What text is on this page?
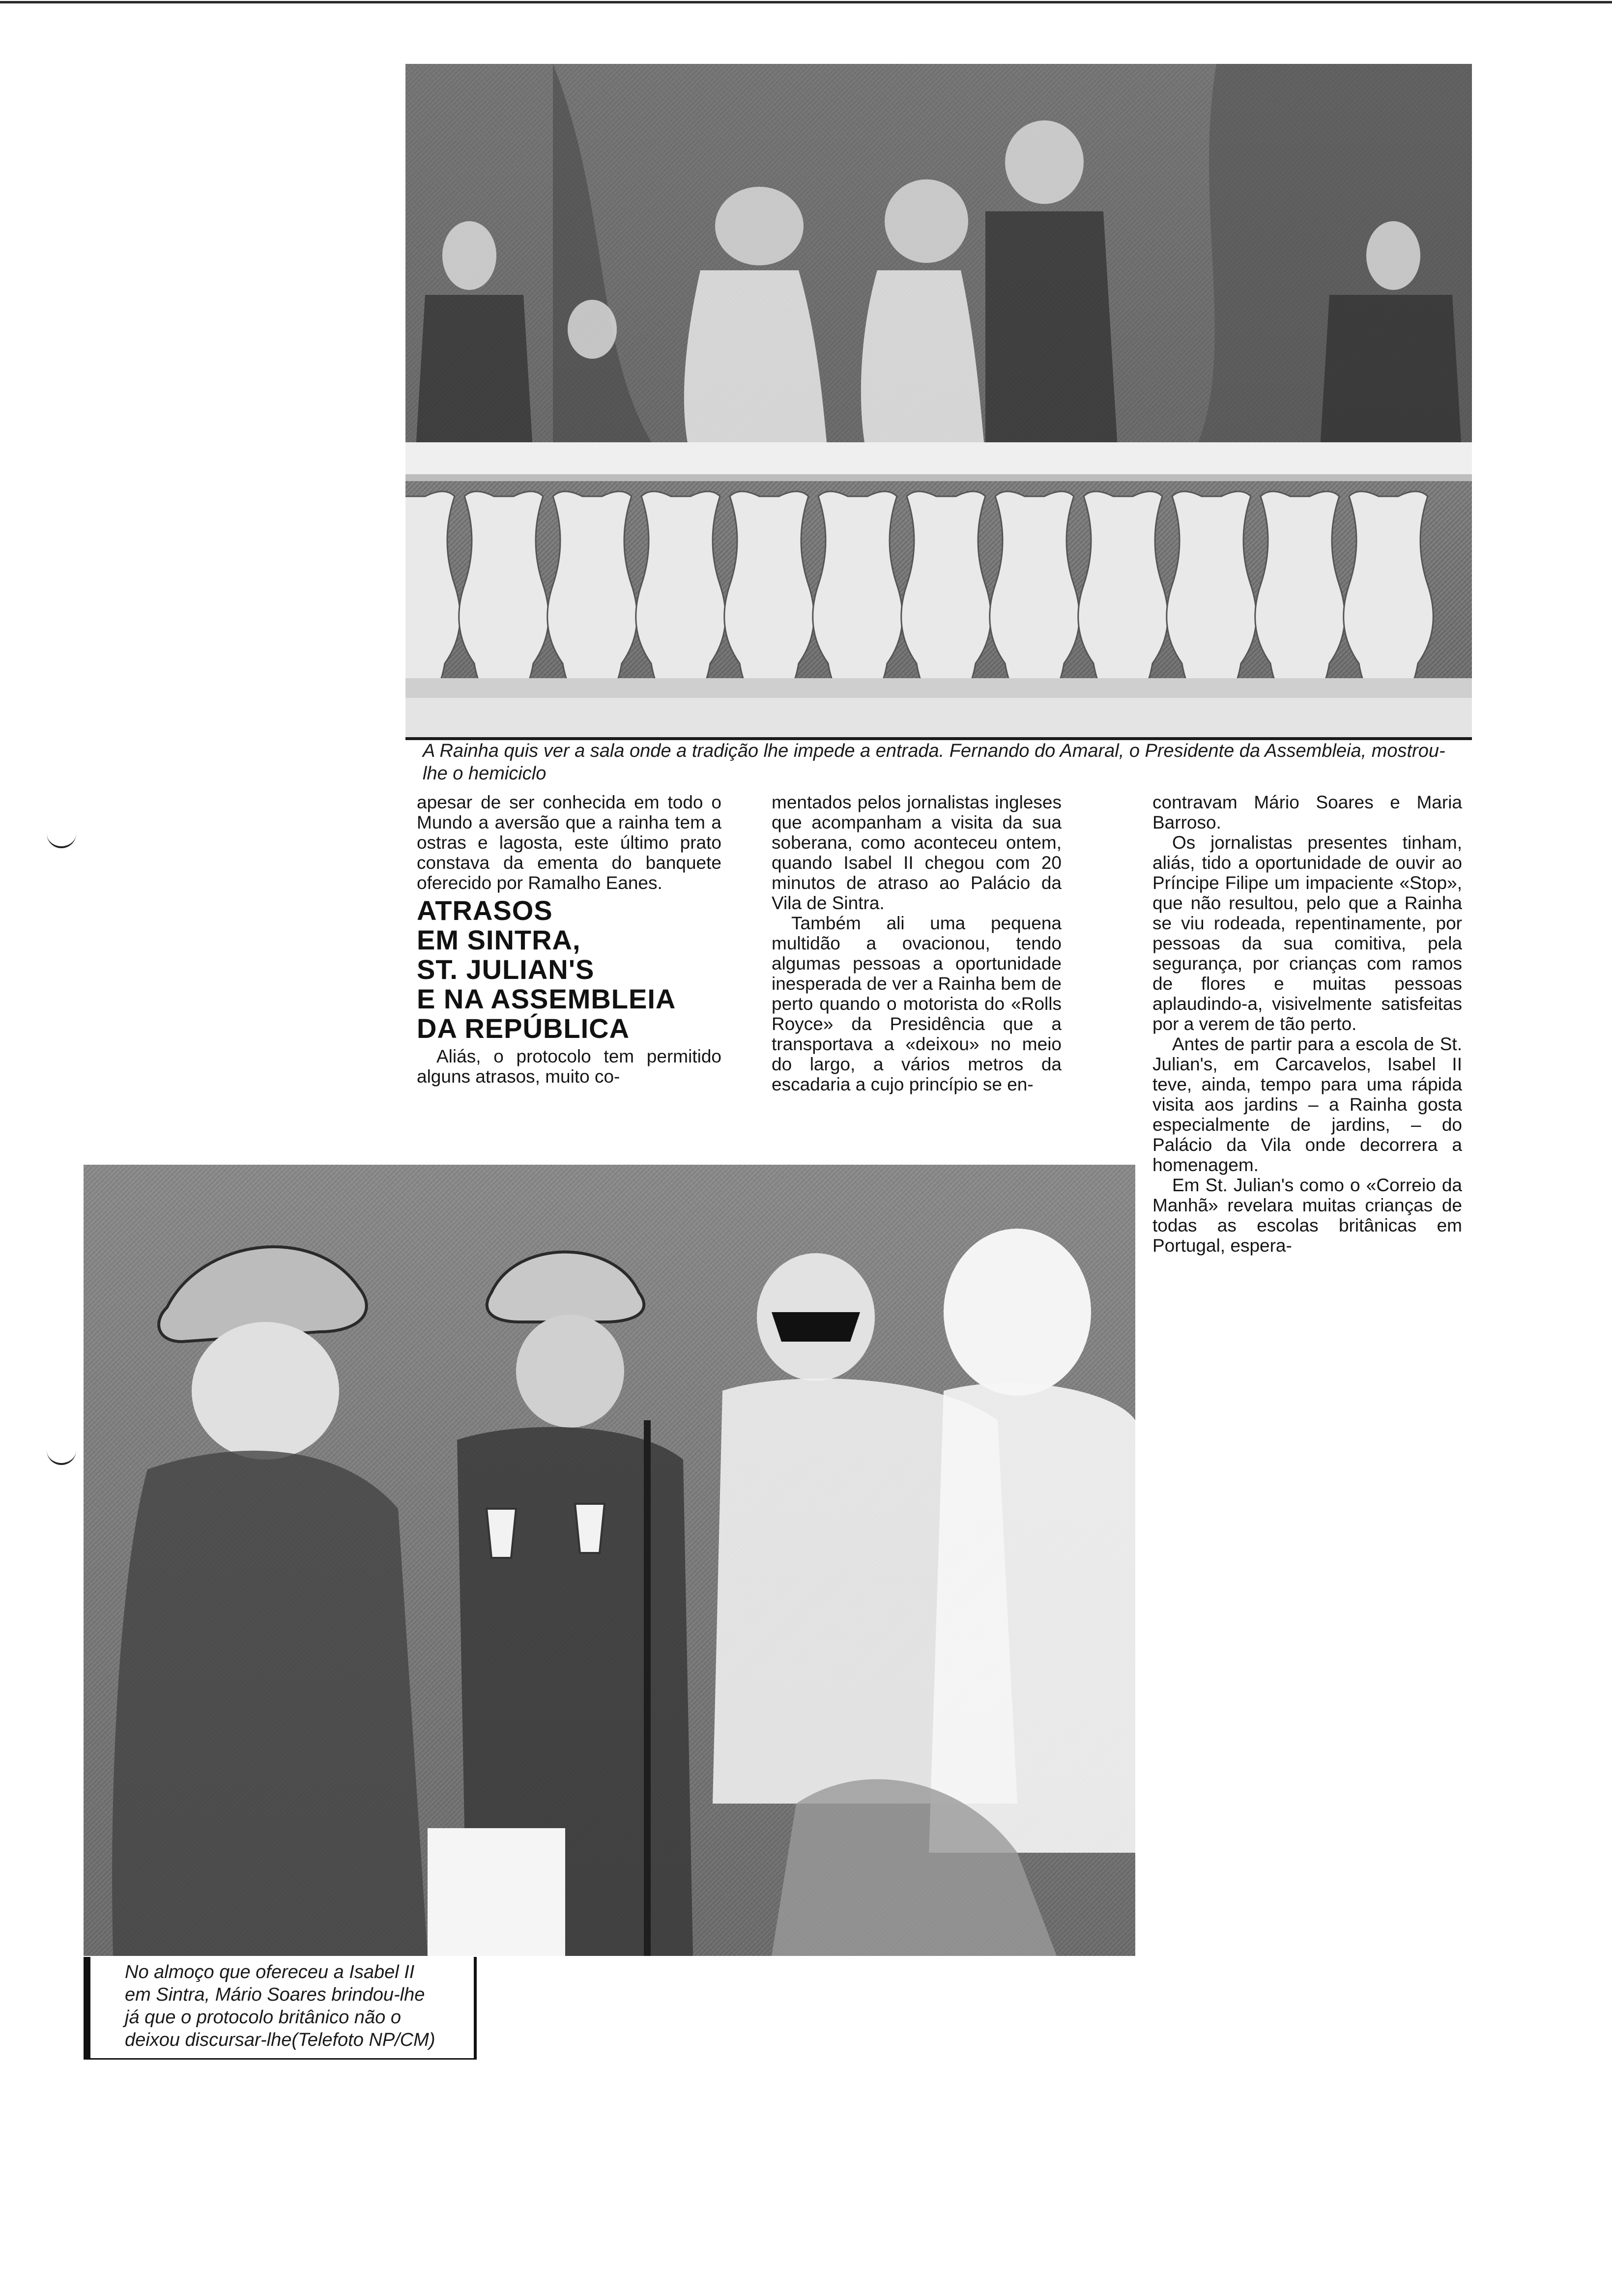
A Rainha quis ver a sala onde a tradição lhe impede a entrada. Fernando do Amaral, o Presidente da Assembleia, mostrou-lhe o hemiciclo

apesar de ser conhecida em todo o Mundo a aversão que a rainha tem a ostras e lagosta, este último prato constava da ementa do banquete oferecido por Ramalho Eanes.

ATRASOS
EM SINTRA,
ST. JULIAN'S
E NA ASSEMBLEIA
DA REPÚBLICA

Aliás, o protocolo tem permitido alguns atrasos, muito co-

mentados pelos jornalistas ingleses que acompanham a visita da sua soberana, como aconteceu ontem, quando Isabel II chegou com 20 minutos de atraso ao Palácio da Vila de Sintra.

Também ali uma pequena multidão a ovacionou, tendo algumas pessoas a oportunidade inesperada de ver a Rainha bem de perto quando o motorista do «Rolls Royce» da Presidência que a transportava a «deixou» no meio do largo, a vários metros da escadaria a cujo princípio se en-

contravam Mário Soares e Maria Barroso.

Os jornalistas presentes tinham, aliás, tido a oportunidade de ouvir ao Príncipe Filipe um impaciente «Stop», que não resultou, pelo que a Rainha se viu rodeada, repentinamente, por pessoas da sua comitiva, pela segurança, por crianças com ramos de flores e muitas pessoas aplaudindo-a, visivelmente satisfeitas por a verem de tão perto.

Antes de partir para a escola de St. Julian's, em Carcavelos, Isabel II teve, ainda, tempo para uma rápida visita aos jardins – a Rainha gosta especialmente de jardins, – do Palácio da Vila onde decorrera a homenagem.

Em St. Julian's como o «Correio da Manhã» revelara muitas crianças de todas as escolas britânicas em Portugal, espera-

No almoço que ofereceu a Isabel II
em Sintra, Mário Soares brindou-lhe
já que o protocolo britânico não o
deixou discursar-lhe(Telefoto NP/CM)
